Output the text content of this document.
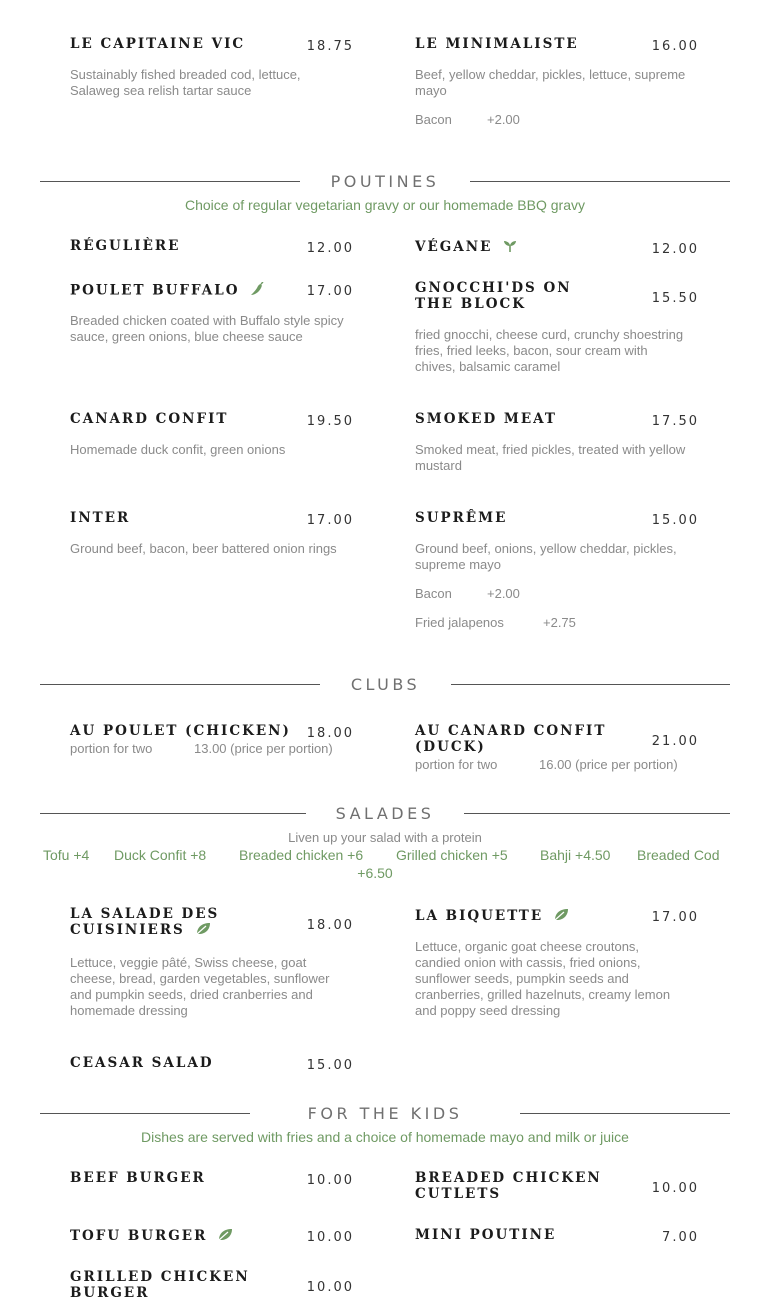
LE CAPITAINE VIC	18.75
Sustainably fished breaded cod, lettuce, Salaweg sea relish tartar sauce
LE MINIMALISTE	16.00
Beef, yellow cheddar, pickles, lettuce, supreme mayo
Bacon	+2.00
POUTINES
Choice of regular vegetarian gravy or our homemade BBQ gravy
RÉGULIÈRE	12.00	VÉGANE	12.00
POULET BUFFALO	17.00
Breaded chicken coated with Buffalo style spicy sauce, green onions, blue cheese sauce
GNOCCHI'DS ON THE BLOCK	15.50
fried gnocchi, cheese curd, crunchy shoestring fries, fried leeks, bacon, sour cream with chives, balsamic caramel
CANARD CONFIT	19.50
Homemade duck confit, green onions
SMOKED MEAT	17.50
Smoked meat, fried pickles, treated with yellow mustard
INTER	17.00
Ground beef, bacon, beer battered onion rings
SUPRÊME	15.00
Ground beef, onions, yellow cheddar, pickles, supreme mayo
Bacon	+2.00
Fried jalapenos	+2.75
CLUBS
AU POULET (CHICKEN)	18.00
portion for two	13.00 (price per portion)
AU CANARD CONFIT (DUCK)	21.00
portion for two	16.00 (price per portion)
SALADES
Liven up your salad with a protein
Tofu +4 Duck Confit +8 Breaded chicken +6 Grilled chicken +5 Bahji +4.50 Breaded Cod
+6.50
LA SALADE DES CUISINIERS	18.00
Lettuce, veggie pâté, Swiss cheese, goat cheese, bread, garden vegetables, sunflower and pumpkin seeds, dried cranberries and homemade dressing
LA BIQUETTE	17.00
Lettuce, organic goat cheese croutons, candied onion with cassis, fried onions, sunflower seeds, pumpkin seeds and cranberries, grilled hazelnuts, creamy lemon and poppy seed dressing
CEASAR SALAD	15.00
FOR THE KIDS
Dishes are served with fries and a choice of homemade mayo and milk or juice
BEEF BURGER	10.00	BREADED CHICKEN CUTLETS	10.00
TOFU BURGER	10.00	MINI POUTINE	7.00
GRILLED CHICKEN BURGER	10.00
